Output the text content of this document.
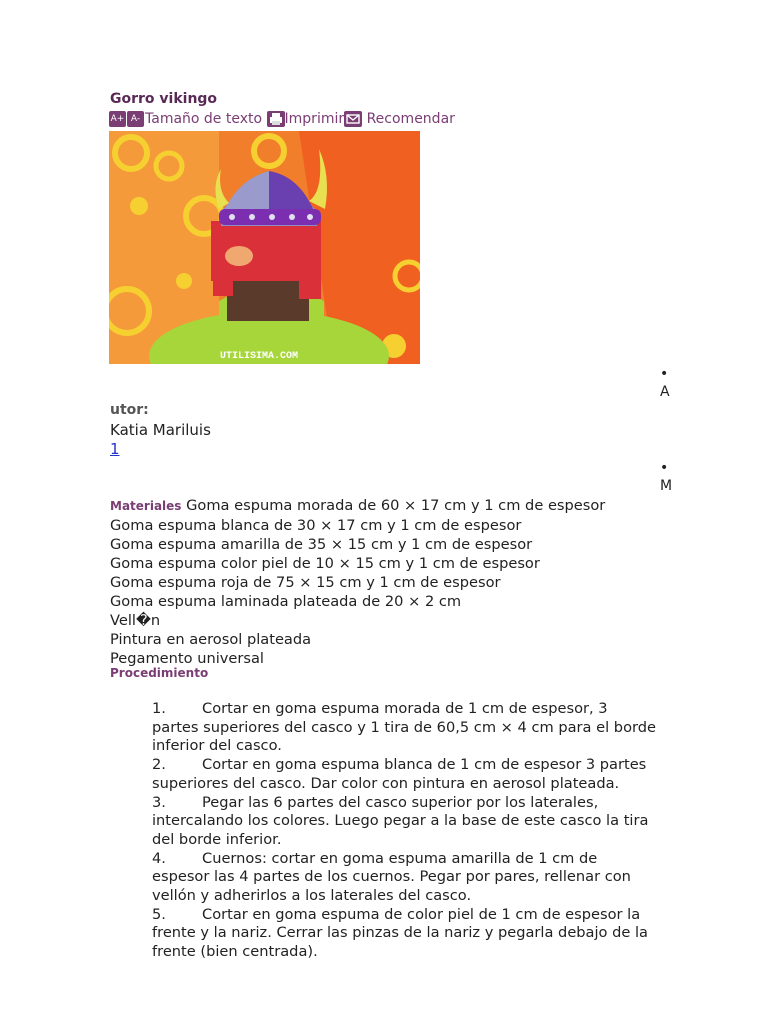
Gorro vikingo
A+ A- Tamaño de texto Imprimir Recomendar
UTILISIMA.COM
•
A
•
M
utor:
Katia Mariluis
1
Materiales Goma espuma morada de 60 × 17 cm y 1 cm de espesor
Goma espuma blanca de 30 × 17 cm y 1 cm de espesor
Goma espuma amarilla de 35 × 15 cm y 1 cm de espesor
Goma espuma color piel de 10 × 15 cm y 1 cm de espesor
Goma espuma roja de 75 × 15 cm y 1 cm de espesor
Goma espuma laminada plateada de 20 × 2 cm
Vell�n
Pintura en aerosol plateada
Pegamento universal
Procedimiento
1. Cortar en goma espuma morada de 1 cm de espesor, 3 partes superiores del casco y 1 tira de 60,5 cm × 4 cm para el borde inferior del casco.
2. Cortar en goma espuma blanca de 1 cm de espesor 3 partes superiores del casco. Dar color con pintura en aerosol plateada.
3. Pegar las 6 partes del casco superior por los laterales, intercalando los colores. Luego pegar a la base de este casco la tira del borde inferior.
4. Cuernos: cortar en goma espuma amarilla de 1 cm de espesor las 4 partes de los cuernos. Pegar por pares, rellenar con vellón y adherirlos a los laterales del casco.
5. Cortar en goma espuma de color piel de 1 cm de espesor la frente y la nariz. Cerrar las pinzas de la nariz y pegarla debajo de la frente (bien centrada).
